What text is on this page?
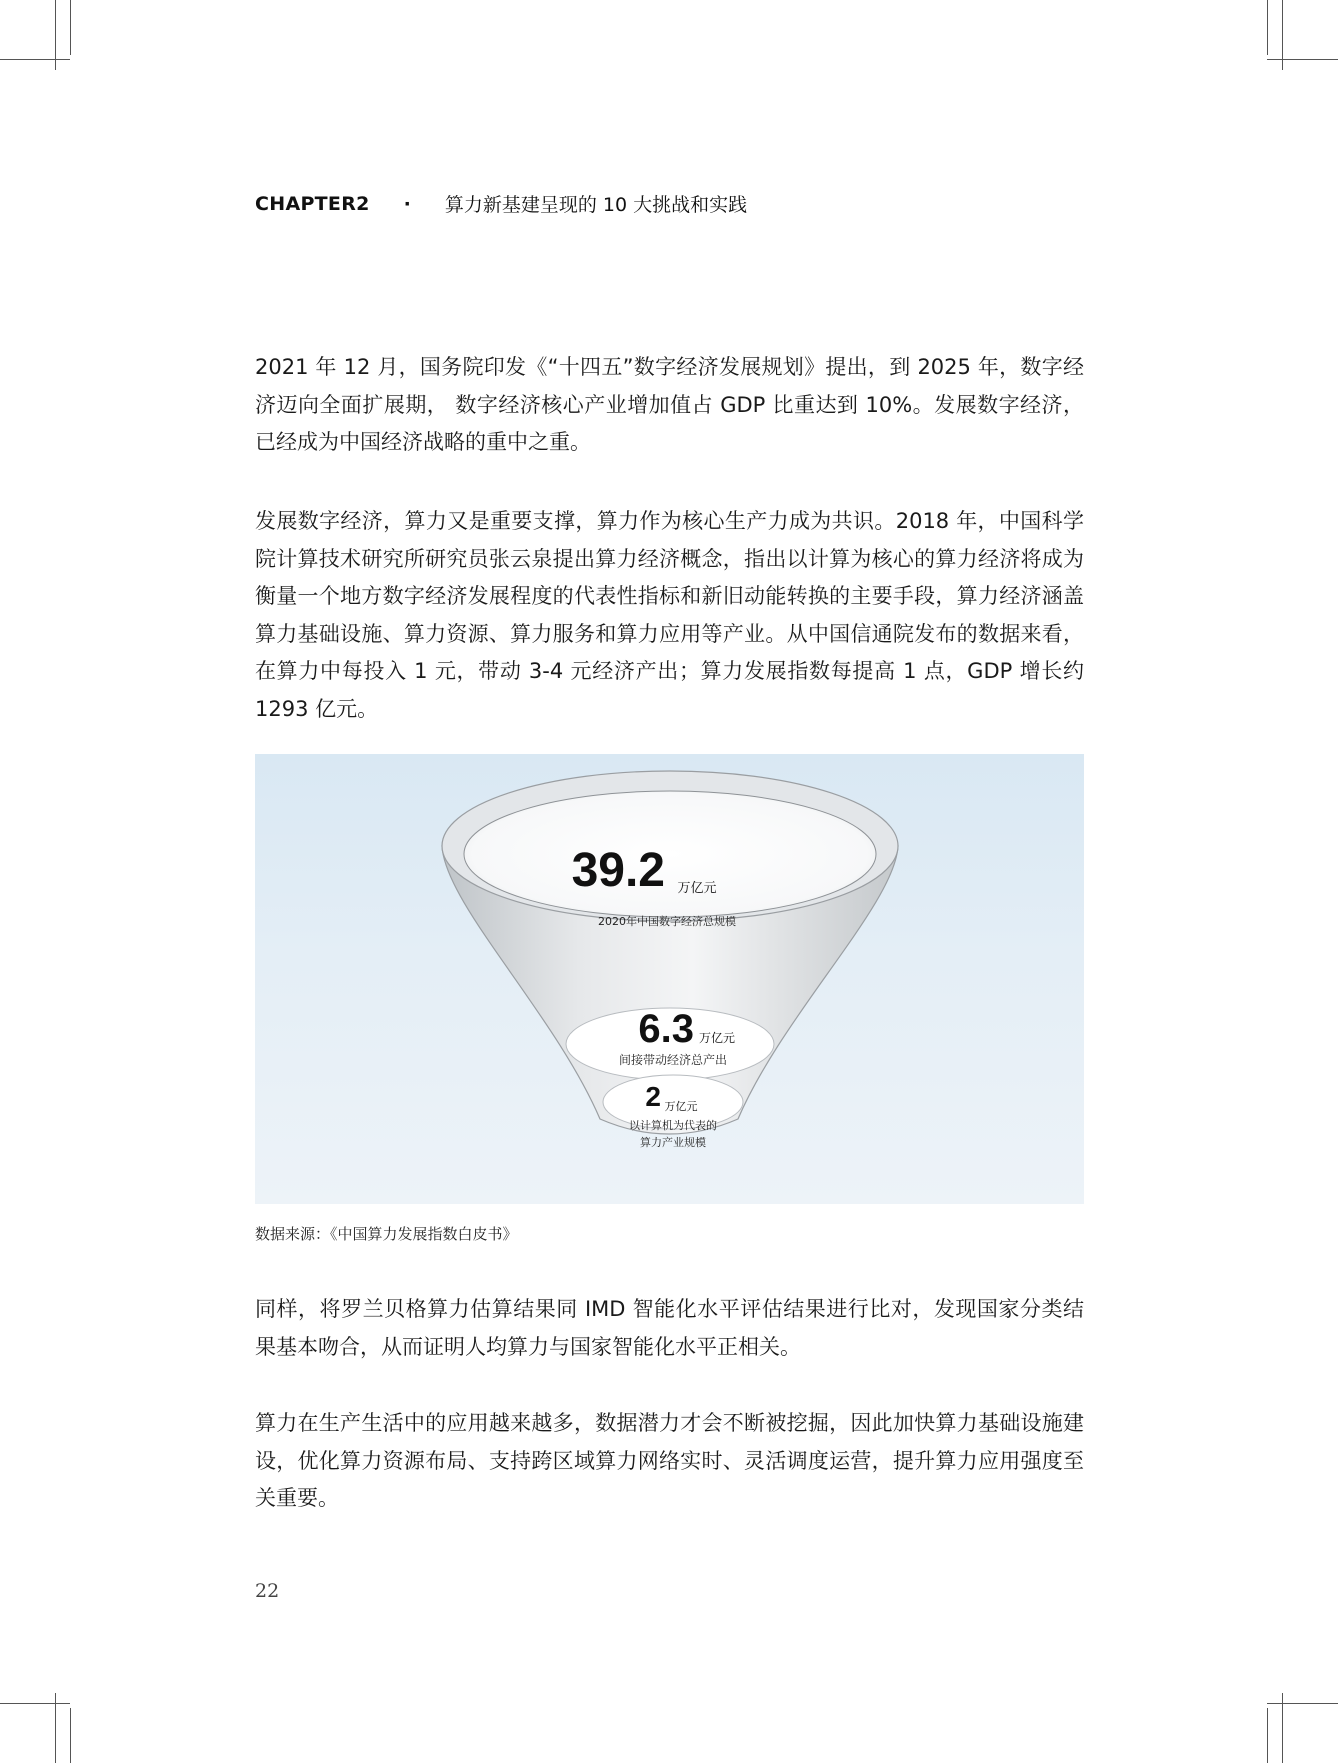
CHAPTER2 · 算力新基建呈现的 10 大挑战和实践

2021 年 12 月，国务院印发《“十四五”数字经济发展规划》提出，到 2025 年，数字经济迈向全面扩展期， 数字经济核心产业增加值占 GDP 比重达到 10%。发展数字经济，已经成为中国经济战略的重中之重。

发展数字经济，算力又是重要支撑，算力作为核心生产力成为共识。2018 年，中国科学院计算技术研究所研究员张云泉提出算力经济概念，指出以计算为核心的算力经济将成为衡量一个地方数字经济发展程度的代表性指标和新旧动能转换的主要手段，算力经济涵盖算力基础设施、算力资源、算力服务和算力应用等产业。从中国信通院发布的数据来看，在算力中每投入 1 元，带动 3-4 元经济产出；算力发展指数每提高 1 点，GDP 增长约 1293 亿元。

39.2 万亿元
2020年中国数字经济总规模
6.3 万亿元
间接带动经济总产出
2 万亿元
以计算机为代表的
算力产业规模
数据来源：《中国算力发展指数白皮书》

同样，将罗兰贝格算力估算结果同 IMD 智能化水平评估结果进行比对，发现国家分类结果基本吻合，从而证明人均算力与国家智能化水平正相关。

算力在生产生活中的应用越来越多，数据潜力才会不断被挖掘，因此加快算力基础设施建设，优化算力资源布局、支持跨区域算力网络实时、灵活调度运营，提升算力应用强度至关重要。

22
